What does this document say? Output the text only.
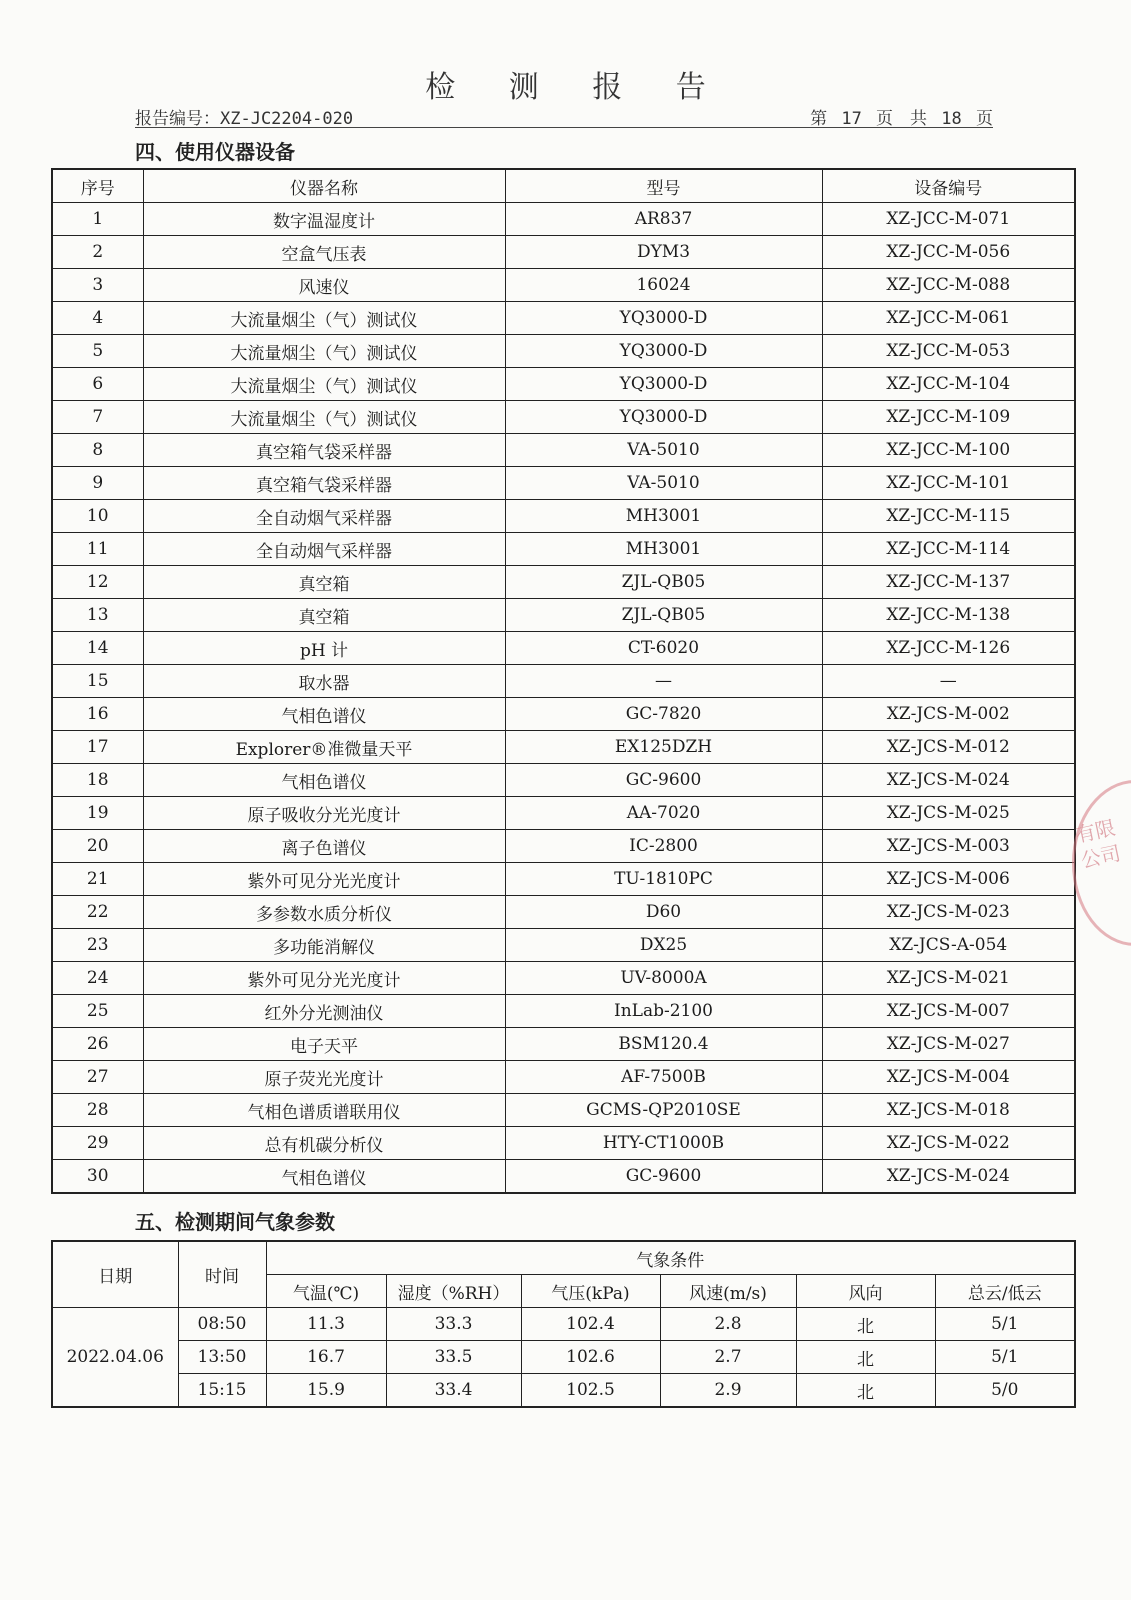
检 测 报 告
报告编号：XZ-JC2204-020	第 17 页　共 18 页
四、使用仪器设备
序号	仪器名称	型号	设备编号
1	数字温湿度计	AR837	XZ-JCC-M-071
2	空盒气压表	DYM3	XZ-JCC-M-056
3	风速仪	16024	XZ-JCC-M-088
4	大流量烟尘（气）测试仪	YQ3000-D	XZ-JCC-M-061
5	大流量烟尘（气）测试仪	YQ3000-D	XZ-JCC-M-053
6	大流量烟尘（气）测试仪	YQ3000-D	XZ-JCC-M-104
7	大流量烟尘（气）测试仪	YQ3000-D	XZ-JCC-M-109
8	真空箱气袋采样器	VA-5010	XZ-JCC-M-100
9	真空箱气袋采样器	VA-5010	XZ-JCC-M-101
10	全自动烟气采样器	MH3001	XZ-JCC-M-115
11	全自动烟气采样器	MH3001	XZ-JCC-M-114
12	真空箱	ZJL-QB05	XZ-JCC-M-137
13	真空箱	ZJL-QB05	XZ-JCC-M-138
14	pH 计	CT-6020	XZ-JCC-M-126
15	取水器	—	—
16	气相色谱仪	GC-7820	XZ-JCS-M-002
17	Explorer®准微量天平	EX125DZH	XZ-JCS-M-012
18	气相色谱仪	GC-9600	XZ-JCS-M-024
19	原子吸收分光光度计	AA-7020	XZ-JCS-M-025
20	离子色谱仪	IC-2800	XZ-JCS-M-003
21	紫外可见分光光度计	TU-1810PC	XZ-JCS-M-006
22	多参数水质分析仪	D60	XZ-JCS-M-023
23	多功能消解仪	DX25	XZ-JCS-A-054
24	紫外可见分光光度计	UV-8000A	XZ-JCS-M-021
25	红外分光测油仪	InLab-2100	XZ-JCS-M-007
26	电子天平	BSM120.4	XZ-JCS-M-027
27	原子荧光光度计	AF-7500B	XZ-JCS-M-004
28	气相色谱质谱联用仪	GCMS-QP2010SE	XZ-JCS-M-018
29	总有机碳分析仪	HTY-CT1000B	XZ-JCS-M-022
30	气相色谱仪	GC-9600	XZ-JCS-M-024
五、检测期间气象参数
日期	时间	气象条件					
		气温(℃)	湿度（%RH）	气压(kPa)	风速(m/s)	风向	总云/低云
2022.04.06	08:50	11.3	33.3	102.4	2.8	北	5/1
	13:50	16.7	33.5	102.6	2.7	北	5/1
	15:15	15.9	33.4	102.5	2.9	北	5/0
有限公司
